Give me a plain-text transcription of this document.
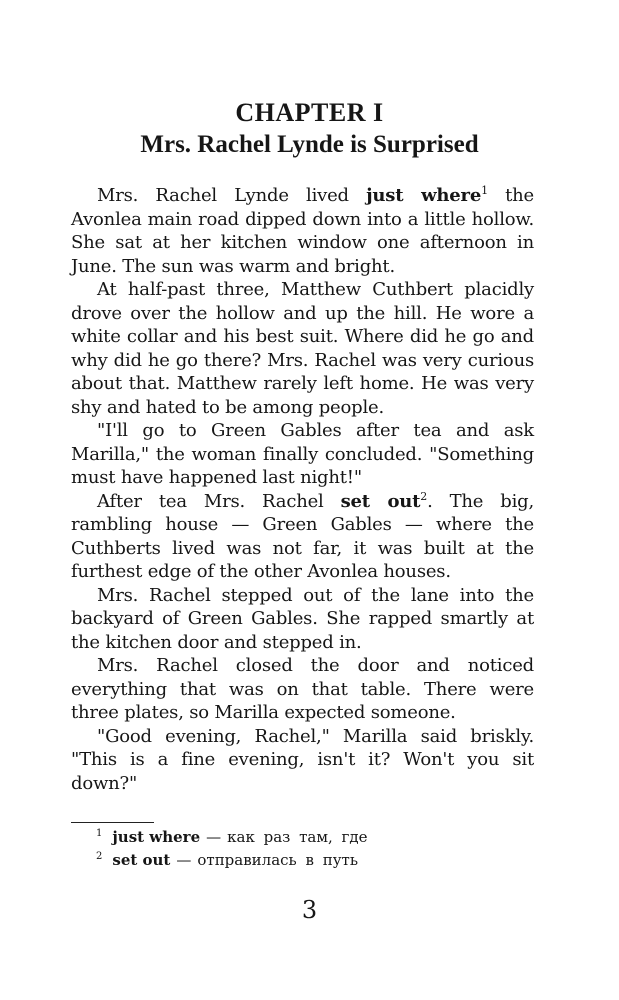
CHAPTER I
Mrs. Rachel Lynde is Surprised

Mrs. Rachel Lynde lived just where$^1$ the Avonlea main road dipped down into a little hollow. She sat at her kitchen window one afternoon in June. The sun was warm and bright.

At half-past three, Matthew Cuthbert placidly drove over the hollow and up the hill. He wore a white collar and his best suit. Where did he go and why did he go there? Mrs. Rachel was very curious about that. Matthew rarely left home. He was very shy and hated to be among people.

"I'll go to Green Gables after tea and ask Marilla," the woman finally concluded. "Something must have happened last night!"

After tea Mrs. Rachel set out$^2$. The big, rambling house — Green Gables — where the Cuthberts lived was not far, it was built at the furthest edge of the other Avonlea houses.

Mrs. Rachel stepped out of the lane into the backyard of Green Gables. She rapped smartly at the kitchen door and stepped in.

Mrs. Rachel closed the door and noticed everything that was on that table. There were three plates, so Marilla expected someone.

"Good evening, Rachel," Marilla said briskly. "This is a fine evening, isn't it? Won't you sit down?"

$^1$ just where — как раз там, где
$^2$ set out — отправилась в путь
3
